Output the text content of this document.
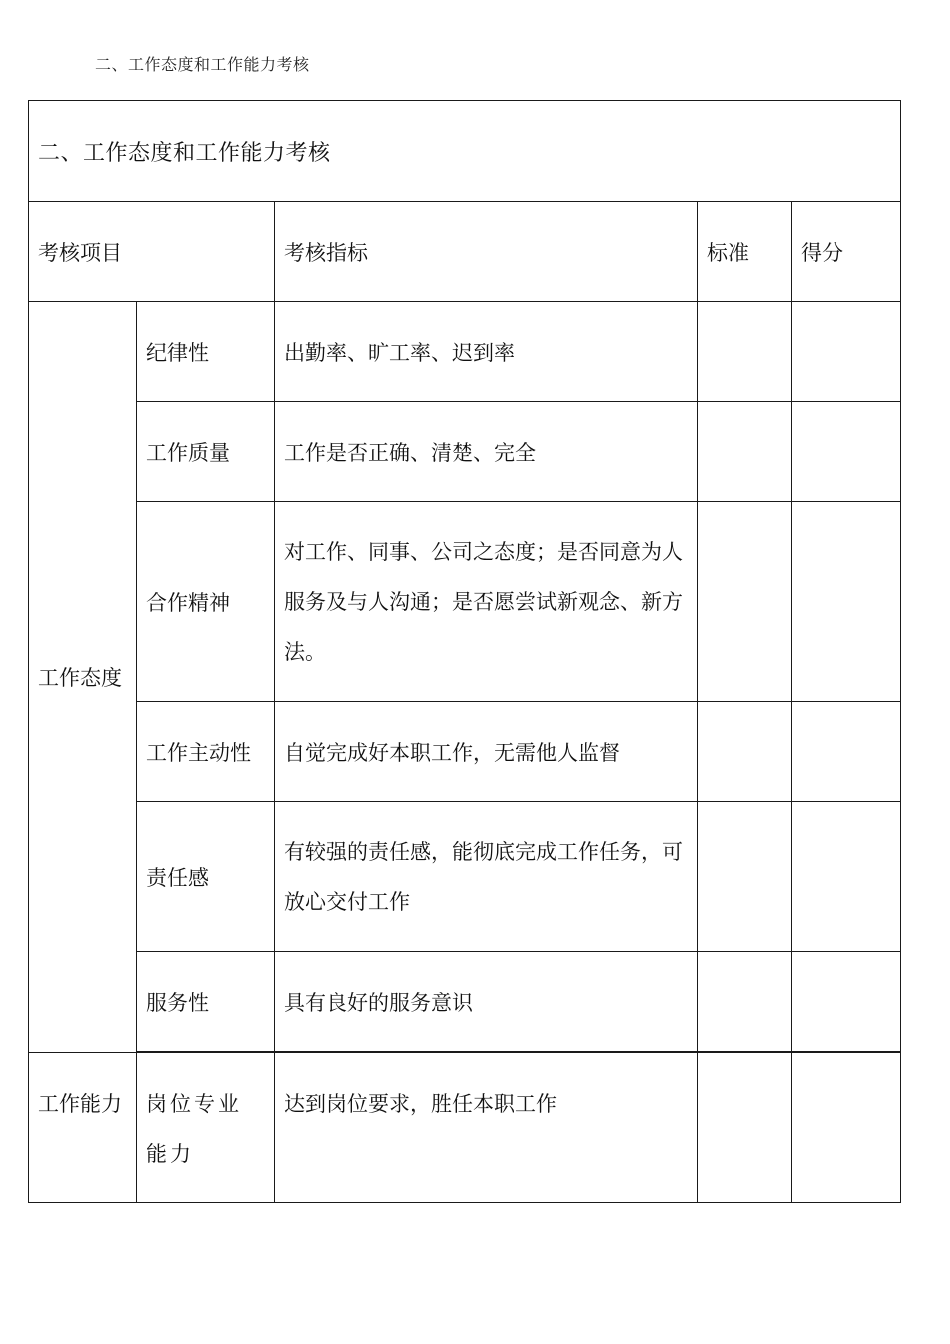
二、工作态度和工作能力考核
二、工作态度和工作能力考核				
考核项目		考核指标	标准	得分
工作态度	纪律性	出勤率、旷工率、迟到率		
	工作质量	工作是否正确、清楚、完全		
	合作精神	对工作、同事、公司之态度；是否同意为人服务及与人沟通；是否愿尝试新观念、新方法。		
	工作主动性	自觉完成好本职工作，无需他人监督		
	责任感	有较强的责任感，能彻底完成工作任务，可放心交付工作		
	服务性	具有良好的服务意识		

工作能力	岗位专业能力	达到岗位要求，胜任本职工作		
